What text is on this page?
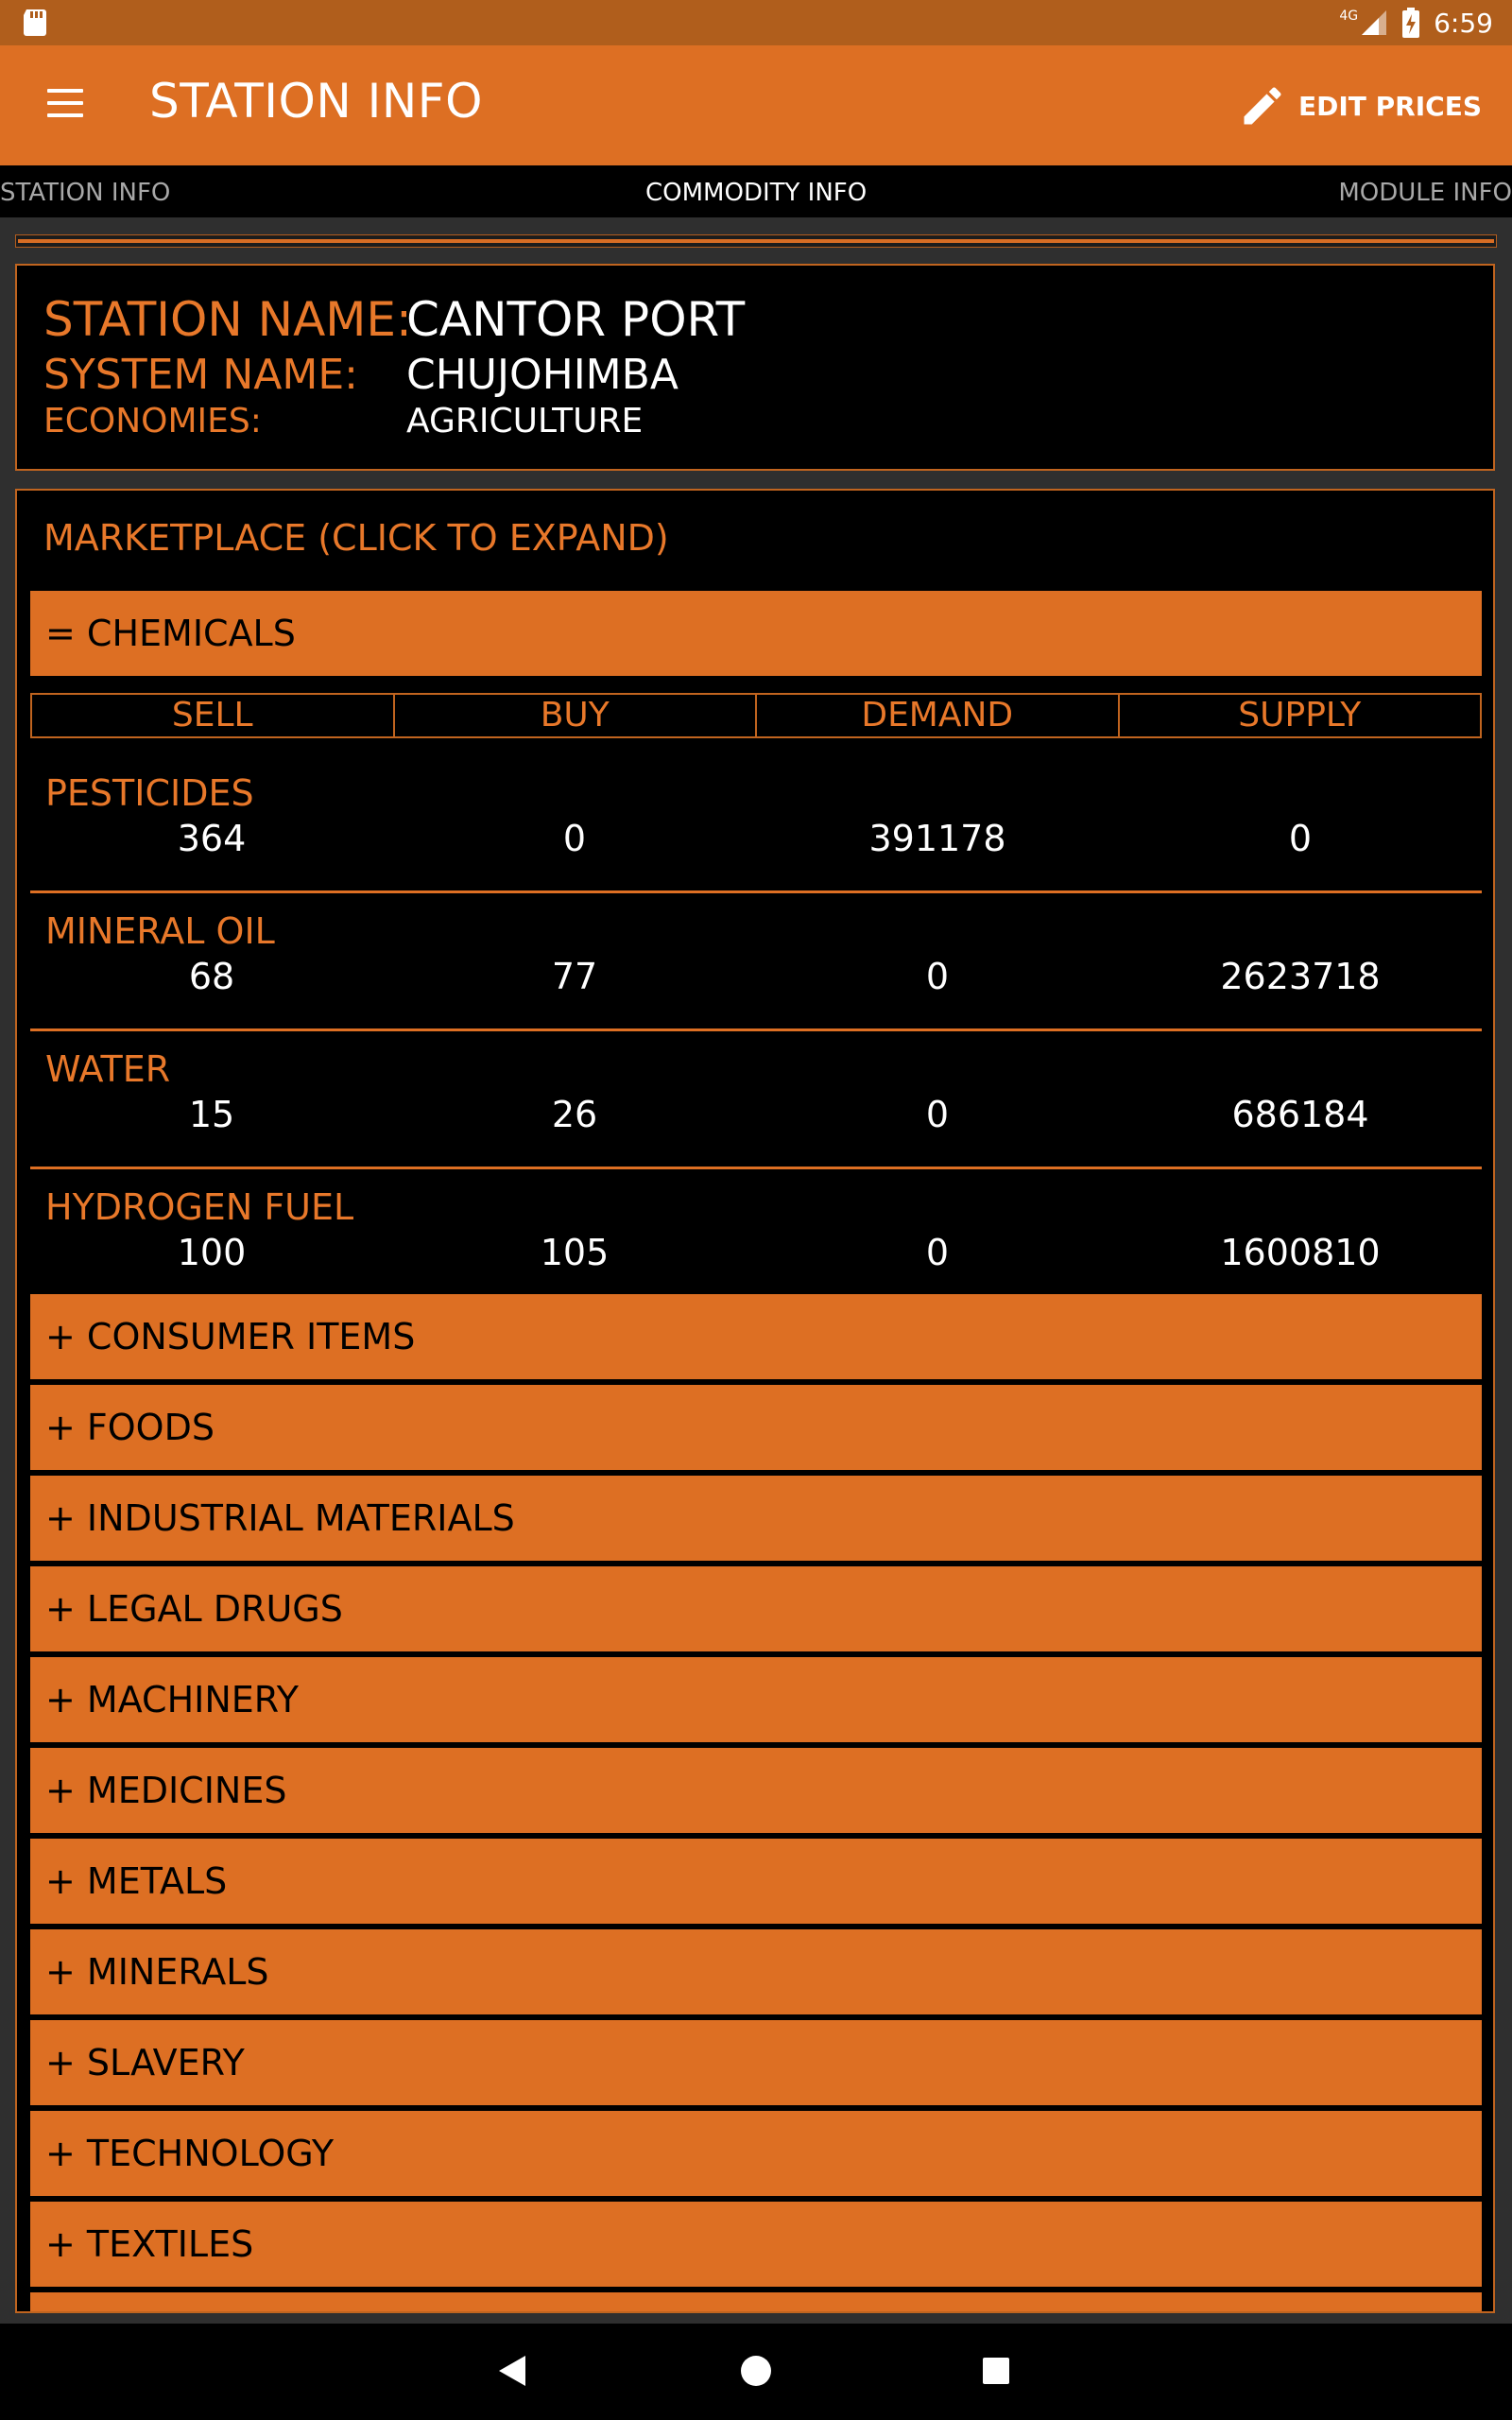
4G	6:59
STATION INFO	EDIT PRICES
STATION INFO	COMMODITY INFO	MODULE INFO
STATION NAME:
CANTOR PORT
SYSTEM NAME: CHUJOHIMBA
ECONOMIES:	AGRICULTURE
MARKETPLACE (CLICK TO EXPAND)
= CHEMICALS
SELL	BUY	DEMAND	SUPPLY
PESTICIDES
364	0	391178	0
MINERAL OIL
68	77	0	2623718
WATER
15	26	0	686184
HYDROGEN FUEL
100	105	0	1600810
+ CONSUMER ITEMS
+ FOODS
+ INDUSTRIAL MATERIALS
+ LEGAL DRUGS
+ MACHINERY
+ MEDICINES
+ METALS
+ MINERALS
+ SLAVERY
+ TECHNOLOGY
+ TEXTILES
